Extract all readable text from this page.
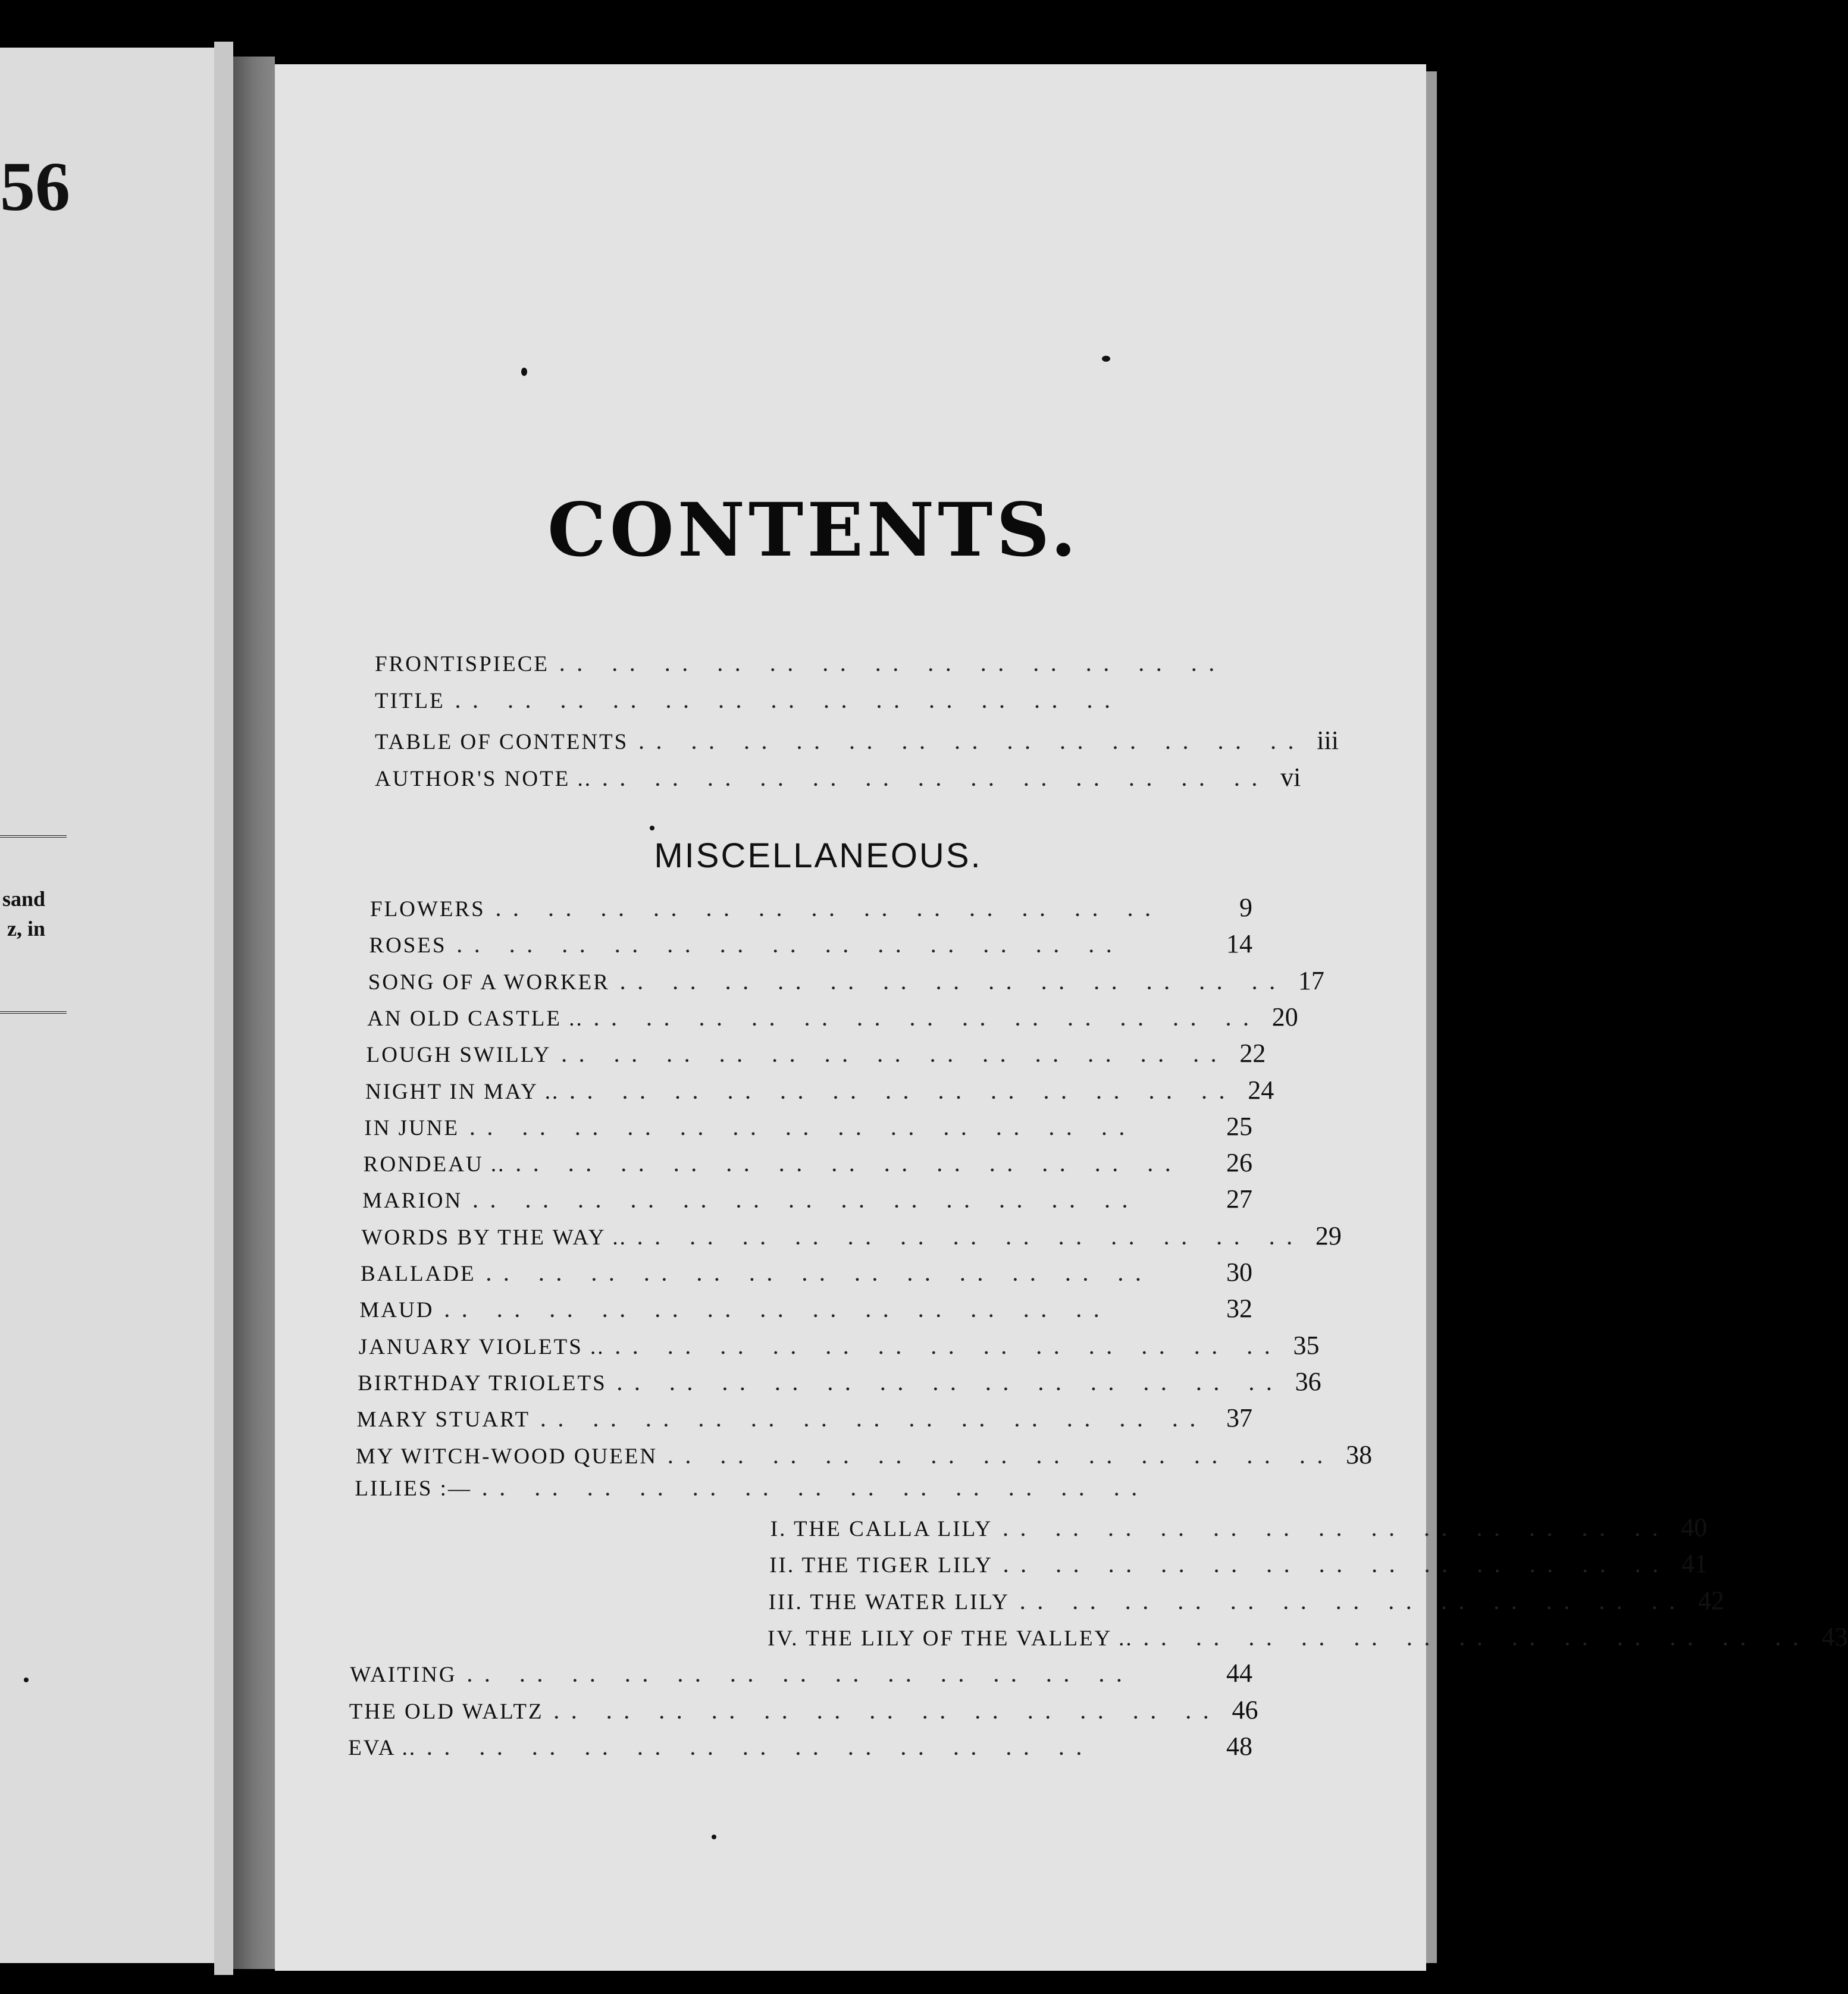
56
sand
z, in
CONTENTS.
FRONTISPIECE .. .. .. .. .. .. .. .. .. .. .. .. ..
TITLE .. .. .. .. .. .. .. .. .. .. .. .. ..
TABLE OF CONTENTS .. .. .. .. .. .. .. .. .. .. .. .. .. iii
AUTHOR'S NOTE .. .. .. .. .. .. .. .. .. .. .. .. .. .. vi
MISCELLANEOUS.
FLOWERS .. .. .. .. .. .. .. .. .. .. .. .. ..	9
ROSES .. .. .. .. .. .. .. .. .. .. .. .. ..	14
SONG OF A WORKER .. .. .. .. .. .. .. .. .. .. .. .. .. 17
AN OLD CASTLE .. .. .. .. .. .. .. .. .. .. .. .. .. .. 20
LOUGH SWILLY .. .. .. .. .. .. .. .. .. .. .. .. .. 22
NIGHT IN MAY .. .. .. .. .. .. .. .. .. .. .. .. .. .. 24
IN JUNE .. .. .. .. .. .. .. .. .. .. .. .. ..	25
RONDEAU .. .. .. .. .. .. .. .. .. .. .. .. .. ..	26
MARION .. .. .. .. .. .. .. .. .. .. .. .. ..	27
WORDS BY THE WAY .. .. .. .. .. .. .. .. .. .. .. .. .. .. 29
BALLADE .. .. .. .. .. .. .. .. .. .. .. .. ..	30
MAUD .. .. .. .. .. .. .. .. .. .. .. .. ..	32
JANUARY VIOLETS .. .. .. .. .. .. .. .. .. .. .. .. .. .. 35
BIRTHDAY TRIOLETS .. .. .. .. .. .. .. .. .. .. .. .. .. 36
MARY STUART .. .. .. .. .. .. .. .. .. .. .. .. .. 37
MY WITCH-WOOD QUEEN .. .. .. .. .. .. .. .. .. .. .. .. .. 38
LILIES :— .. .. .. .. .. .. .. .. .. .. .. .. ..
I. THE CALLA LILY .. .. .. .. .. .. .. .. .. .. .. .. .. 40
II. THE TIGER LILY .. .. .. .. .. .. .. .. .. .. .. .. .. 41
III. THE WATER LILY .. .. .. .. .. .. .. .. .. .. .. .. .. 42
IV. THE LILY OF THE VALLEY .. .. .. .. .. .. .. .. .. .. .. .. .. .. 43
WAITING .. .. .. .. .. .. .. .. .. .. .. .. ..	44
THE OLD WALTZ .. .. .. .. .. .. .. .. .. .. .. .. .. 46
EVA .. .. .. .. .. .. .. .. .. .. .. .. .. ..	48
